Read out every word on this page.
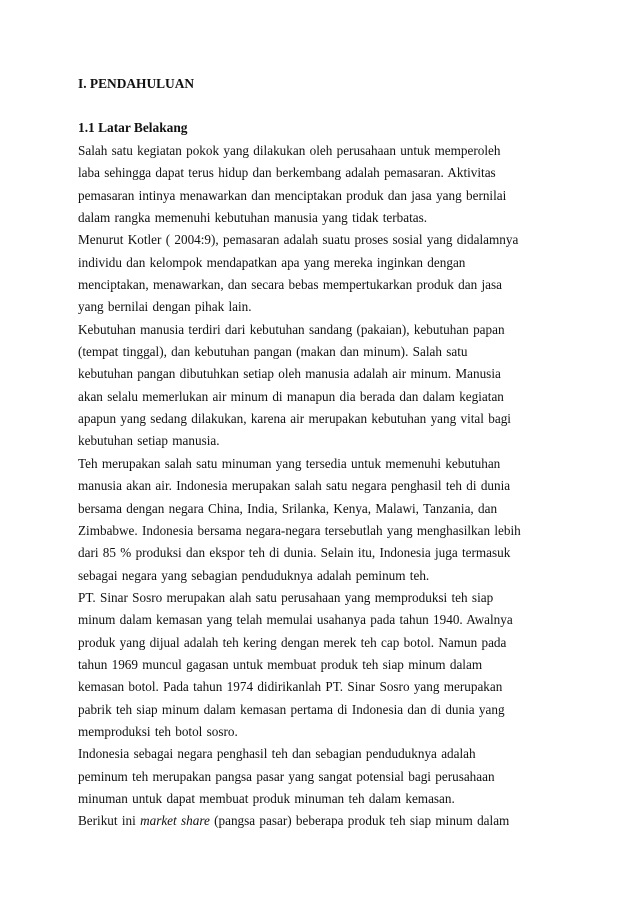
I. PENDAHULUAN
1.1 Latar Belakang
Salah satu kegiatan pokok yang dilakukan oleh perusahaan untuk memperoleh
laba sehingga dapat terus hidup dan berkembang adalah pemasaran. Aktivitas
pemasaran intinya menawarkan dan menciptakan produk dan jasa yang bernilai
dalam rangka memenuhi kebutuhan manusia yang tidak terbatas.
Menurut Kotler ( 2004:9), pemasaran adalah suatu proses sosial yang didalamnya
individu dan kelompok mendapatkan apa yang mereka inginkan dengan
menciptakan, menawarkan, dan secara bebas mempertukarkan produk dan jasa
yang bernilai dengan pihak lain.
Kebutuhan manusia terdiri dari kebutuhan sandang (pakaian), kebutuhan papan
(tempat tinggal), dan kebutuhan pangan (makan dan minum). Salah satu
kebutuhan pangan dibutuhkan setiap oleh manusia adalah air minum. Manusia
akan selalu memerlukan air minum di manapun dia berada dan dalam kegiatan
apapun yang sedang dilakukan, karena air merupakan kebutuhan yang vital bagi
kebutuhan setiap manusia.
Teh merupakan salah satu minuman yang tersedia untuk memenuhi kebutuhan
manusia akan air. Indonesia merupakan salah satu negara penghasil teh di dunia
bersama dengan negara China, India, Srilanka, Kenya, Malawi, Tanzania, dan
Zimbabwe. Indonesia bersama negara-negara tersebutlah yang menghasilkan lebih
dari 85 % produksi dan ekspor teh di dunia. Selain itu, Indonesia juga termasuk
sebagai negara yang sebagian penduduknya adalah peminum teh.
PT. Sinar Sosro merupakan alah satu perusahaan yang memproduksi teh siap
minum dalam kemasan yang telah memulai usahanya pada tahun 1940. Awalnya
produk yang dijual adalah teh kering dengan merek teh cap botol. Namun pada
tahun 1969 muncul gagasan untuk membuat produk teh siap minum dalam
kemasan botol. Pada tahun 1974 didirikanlah PT. Sinar Sosro yang merupakan
pabrik teh siap minum dalam kemasan pertama di Indonesia dan di dunia yang
memproduksi teh botol sosro.
Indonesia sebagai negara penghasil teh dan sebagian penduduknya adalah
peminum teh merupakan pangsa pasar yang sangat potensial bagi perusahaan
minuman untuk dapat membuat produk minuman teh dalam kemasan.
Berikut ini market share (pangsa pasar) beberapa produk teh siap minum dalam
